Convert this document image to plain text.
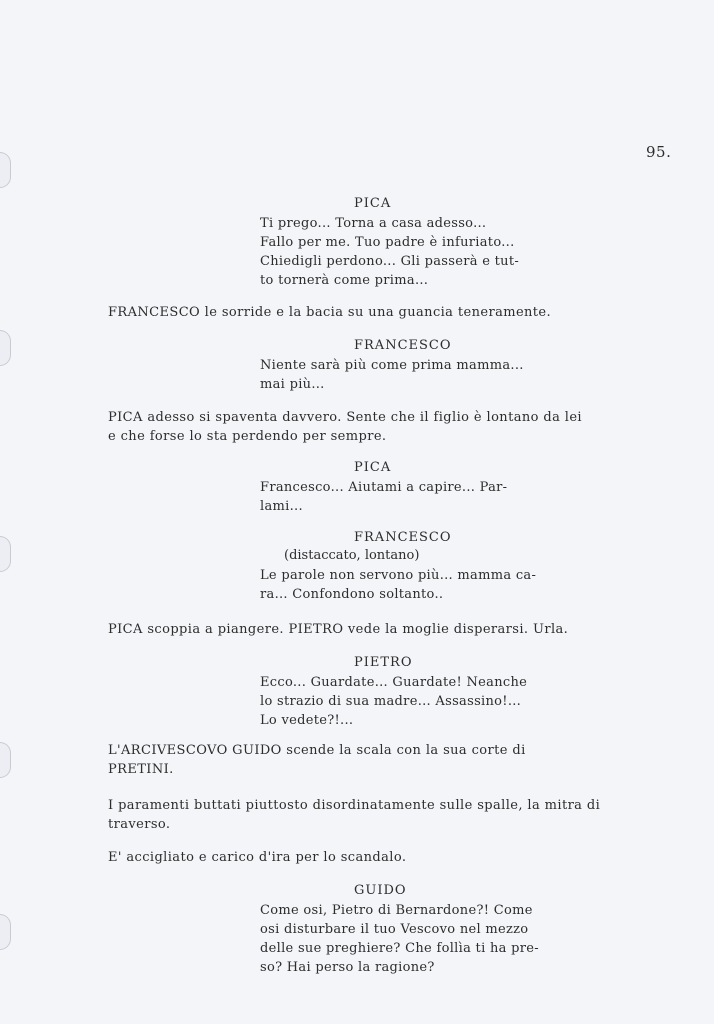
95.
PICA
Ti prego... Torna a casa adesso...
Fallo per me. Tuo padre è infuriato...
Chiedigli perdono... Gli passerà e tut-
to tornerà come prima...
FRANCESCO le sorride e la bacia su una guancia teneramente.
FRANCESCO
Niente sarà più come prima mamma...
mai più...
PICA adesso si spaventa davvero. Sente che il figlio è lontano da lei
e che forse lo sta perdendo per sempre.
PICA
Francesco... Aiutami a capire... Par-
lami...
FRANCESCO
(distaccato, lontano)
Le parole non servono più... mamma ca-
ra... Confondono soltanto..
PICA scoppia a piangere. PIETRO vede la moglie disperarsi. Urla.
PIETRO
Ecco... Guardate... Guardate! Neanche
lo strazio di sua madre... Assassino!...
Lo vedete?!...
L'ARCIVESCOVO GUIDO scende la scala con la sua corte di
PRETINI.
I paramenti buttati piuttosto disordinatamente sulle spalle, la mitra di
traverso.
E' accigliato e carico d'ira per lo scandalo.
GUIDO
Come osi, Pietro di Bernardone?! Come
osi disturbare il tuo Vescovo nel mezzo
delle sue preghiere? Che follìa ti ha pre-
so? Hai perso la ragione?
